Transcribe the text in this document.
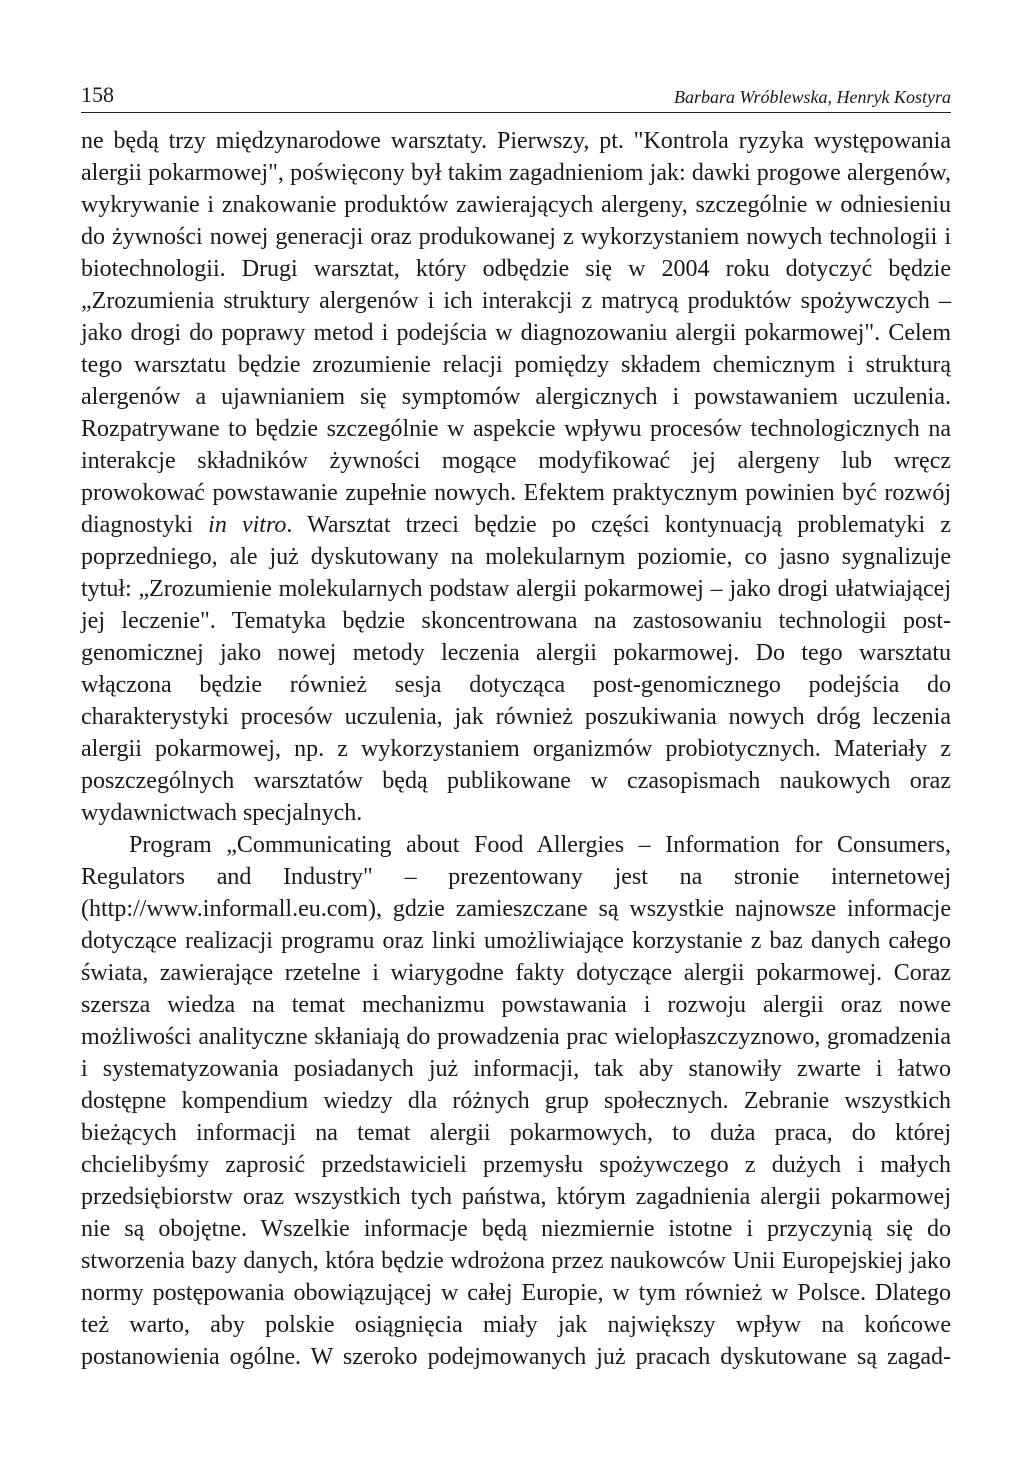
158	Barbara Wróblewska, Henryk Kostyra

ne będą trzy międzynarodowe warsztaty. Pierwszy, pt. "Kontrola ryzyka występowania alergii pokarmowej", poświęcony był takim zagadnieniom jak: dawki progowe alergenów, wykrywanie i znakowanie produktów zawierających alergeny, szczególnie w odniesieniu do żywności nowej generacji oraz produkowanej z wykorzystaniem nowych technologii i biotechnologii. Drugi warsztat, który odbędzie się w 2004 roku dotyczyć będzie „Zrozumienia struktury alergenów i ich interakcji z matrycą produktów spożywczych – jako drogi do poprawy metod i podejścia w diagnozowaniu alergii pokarmowej". Celem tego warsztatu będzie zrozumienie relacji pomiędzy składem chemicznym i strukturą alergenów a ujawnianiem się symptomów alergicznych i powstawaniem uczulenia. Rozpatrywane to będzie szczególnie w aspekcie wpływu procesów technologicznych na interakcje składników żywności mogące modyfikować jej alergeny lub wręcz prowokować powstawanie zupełnie nowych. Efektem praktycznym powinien być rozwój diagnostyki in vitro. Warsztat trzeci będzie po części kontynuacją problematyki z poprzedniego, ale już dyskutowany na molekularnym poziomie, co jasno sygnalizuje tytuł: „Zrozumienie molekularnych podstaw alergii pokarmowej – jako drogi ułatwiającej jej leczenie". Tematyka będzie skoncentrowana na zastosowaniu technologii post-genomicznej jako nowej metody leczenia alergii pokarmowej. Do tego warsztatu włączona będzie również sesja dotycząca post-genomicznego podejścia do charakterystyki procesów uczulenia, jak również poszukiwania nowych dróg leczenia alergii pokarmowej, np. z wykorzystaniem organizmów probiotycznych. Materiały z poszczególnych warsztatów będą publikowane w czasopismach naukowych oraz wydawnictwach specjalnych.

Program „Communicating about Food Allergies – Information for Consumers, Regulators and Industry" – prezentowany jest na stronie internetowej (http://www.informall.eu.com), gdzie zamieszczane są wszystkie najnowsze informacje dotyczące realizacji programu oraz linki umożliwiające korzystanie z baz danych całego świata, zawierające rzetelne i wiarygodne fakty dotyczące alergii pokarmowej. Coraz szersza wiedza na temat mechanizmu powstawania i rozwoju alergii oraz nowe możliwości analityczne skłaniają do prowadzenia prac wielopłaszczyznowo, gromadzenia i systematyzowania posiadanych już informacji, tak aby stanowiły zwarte i łatwo dostępne kompendium wiedzy dla różnych grup społecznych. Zebranie wszystkich bieżących informacji na temat alergii pokarmowych, to duża praca, do której chcielibyśmy zaprosić przedstawicieli przemysłu spożywczego z dużych i małych przedsiębiorstw oraz wszystkich tych państwa, którym zagadnienia alergii pokarmowej nie są obojętne. Wszelkie informacje będą niezmiernie istotne i przyczynią się do stworzenia bazy danych, która będzie wdrożona przez naukowców Unii Europejskiej jako normy postępowania obowiązującej w całej Europie, w tym również w Polsce. Dlatego też warto, aby polskie osiągnięcia miały jak największy wpływ na końcowe postanowienia ogólne. W szeroko podejmowanych już pracach dyskutowane są zagad-
